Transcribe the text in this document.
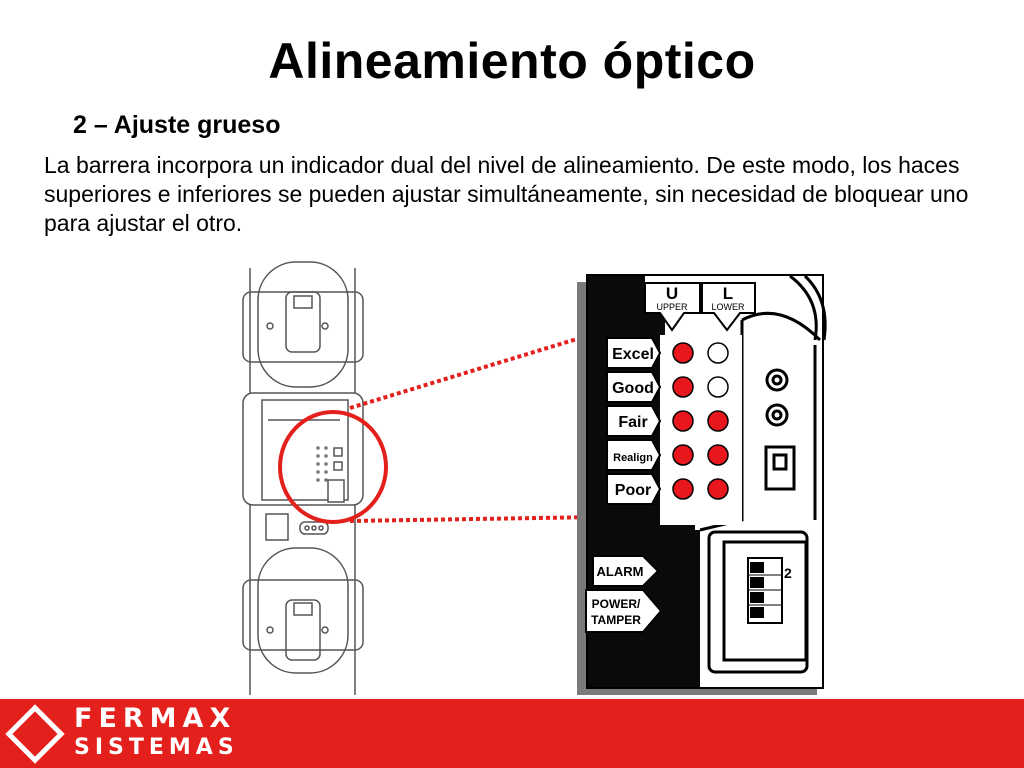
Alineamiento óptico
2 – Ajuste grueso
La barrera incorpora un indicador dual del nivel de alineamiento. De este modo, los haces superiores e inferiores se pueden ajustar simultáneamente, sin necesidad de bloquear uno para ajustar el otro.
2
U
UPPER
L
LOWER
Excel
Good
Fair
Realign
Poor
ALARM
POWER/
TAMPER
FERMAX
SISTEMAS
